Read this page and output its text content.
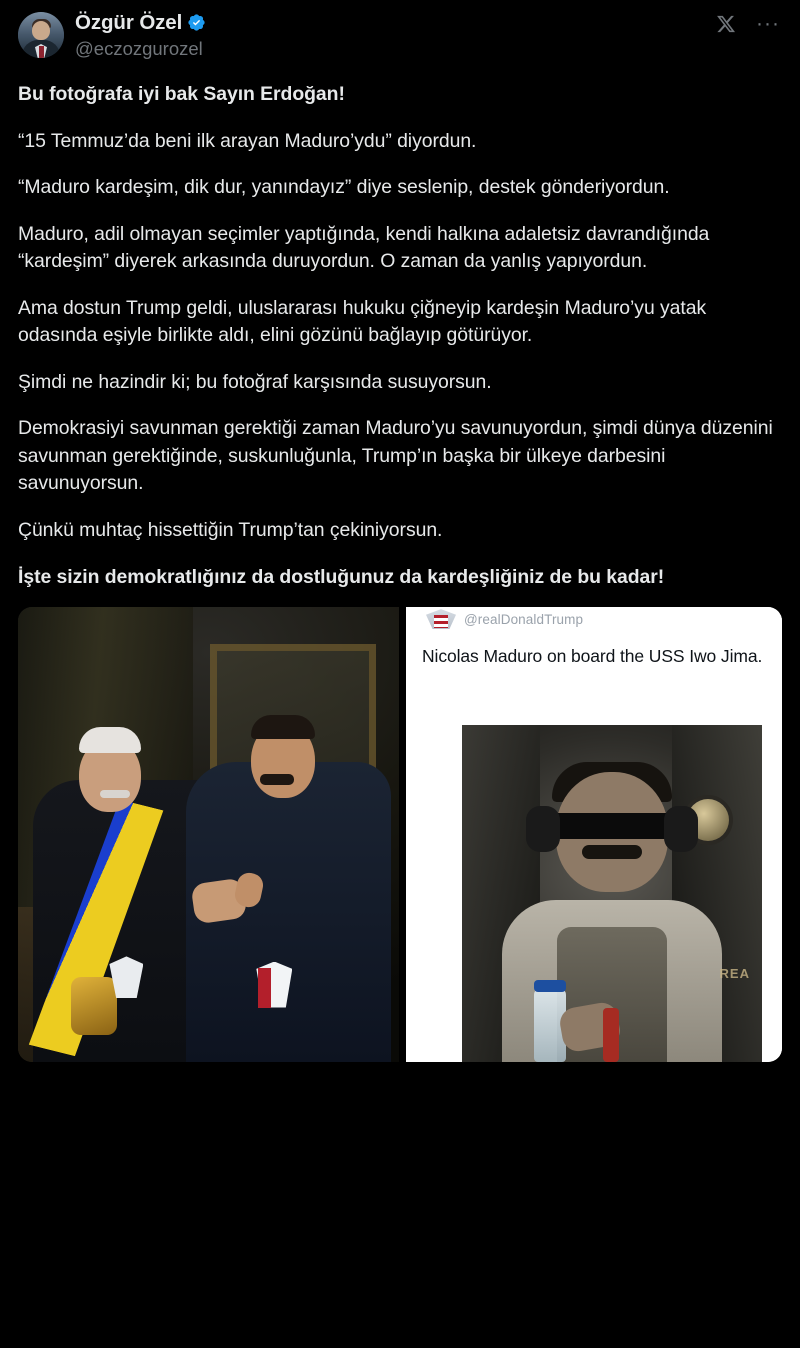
Özgür Özel
@eczozgurozel
···

Bu fotoğrafa iyi bak Sayın Erdoğan!

“15 Temmuz’da beni ilk arayan Maduro’ydu” diyordun.

“Maduro kardeşim, dik dur, yanındayız” diye seslenip, destek gönderiyordun.

Maduro, adil olmayan seçimler yaptığında, kendi halkına adaletsiz davrandığında “kardeşim” diyerek arkasında duruyordun. O zaman da yanlış yapıyordun.

Ama dostun Trump geldi, uluslararası hukuku çiğneyip kardeşin Maduro’yu yatak odasında eşiyle birlikte aldı, elini gözünü bağlayıp götürüyor.

Şimdi ne hazindir ki; bu fotoğraf karşısında susuyorsun.

Demokrasiyi savunman gerektiği zaman Maduro’yu savunuyordun, şimdi dünya düzenini savunman gerektiğinde, suskunluğunla, Trump’ın başka bir ülkeye darbesini savunuyorsun.

Çünkü muhtaç hissettiğin Trump’tan çekiniyorsun.

İşte sizin demokratlığınız da dostluğunuz da kardeşliğiniz de bu kadar!

@realDonaldTrump
Nicolas Maduro on board the USS Iwo Jima.
REA
